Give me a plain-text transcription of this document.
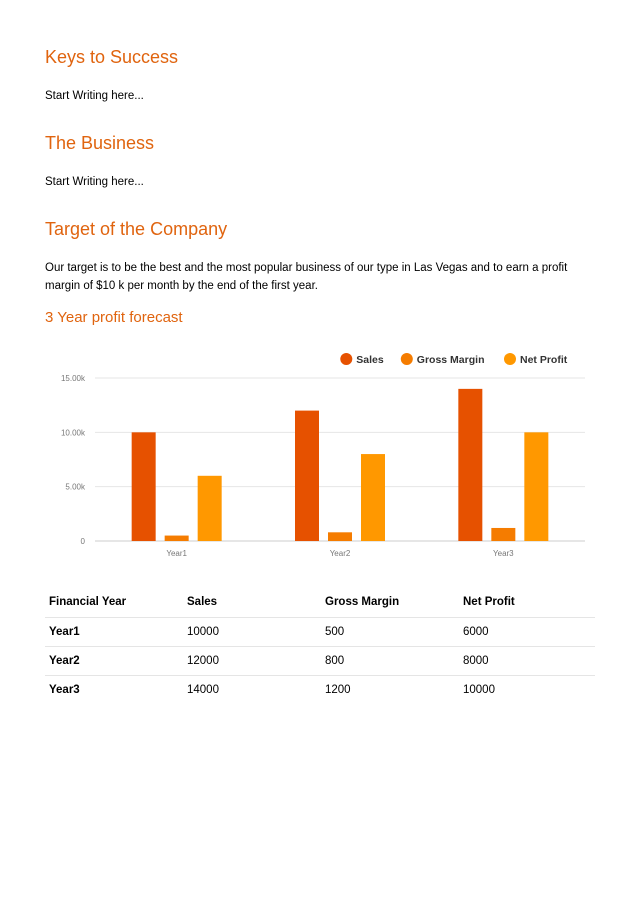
Keys to Success

Start Writing here...

The Business

Start Writing here...

Target of the Company

Our target is to be the best and the most popular business of our type in Las Vegas and to earn a profit margin of $10 k per month by the end of the first year.

3 Year profit forecast
0
5.00k
10.00k
15.00k
Year1	Year2	Year3
Sales	Gross Margin	Net Profit
Financial Year	Sales	Gross Margin	Net Profit
Year1	10000	500	6000
Year2	12000	800	8000
Year3	14000	1200	10000
